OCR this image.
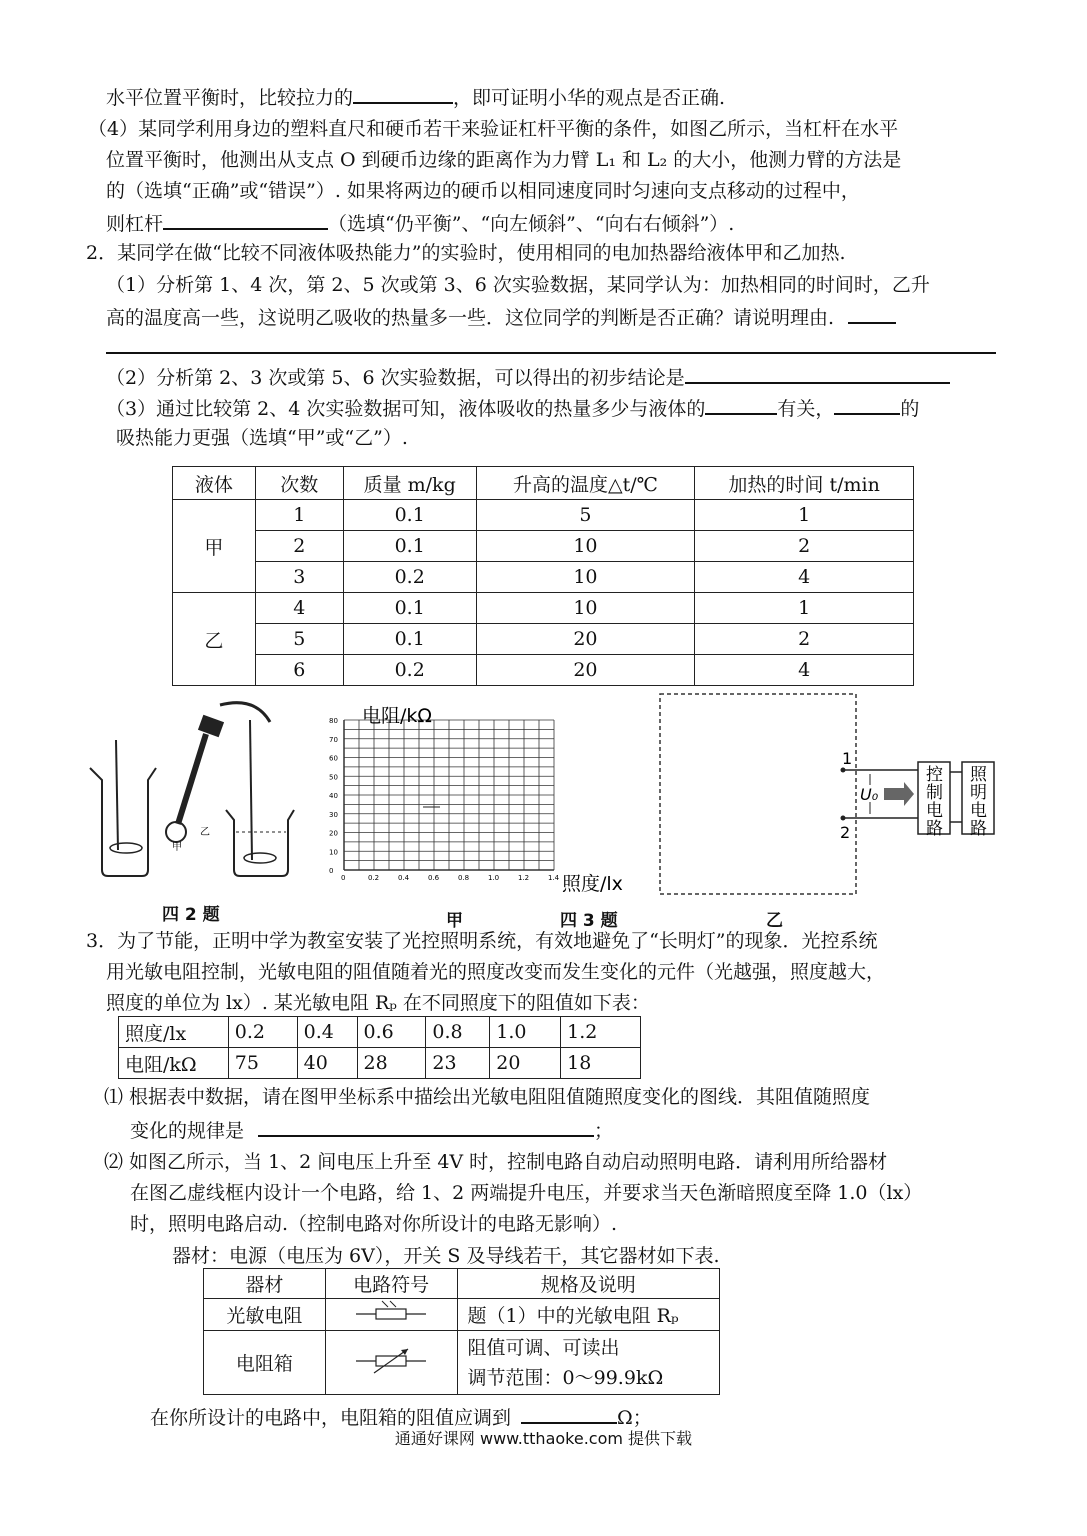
水平位置平衡时，比较拉力的	，即可证明小华的观点是否正确.
（4）某同学利用身边的塑料直尺和硬币若干来验证杠杆平衡的条件，如图乙所示，当杠杆在水平
位置平衡时，他测出从支点 O 到硬币边缘的距离作为力臂 L₁ 和 L₂ 的大小，他测力臂的方法是
的（选填“正确”或“错误”）. 如果将两边的硬币以相同速度同时匀速向支点移动的过程中，
则杠杆	（选填“仍平衡”、“向左倾斜”、“向右右倾斜”）.
2．某同学在做“比较不同液体吸热能力”的实验时，使用相同的电加热器给液体甲和乙加热.
（1）分析第 1、4 次，第 2、5 次或第 3、6 次实验数据，某同学认为：加热相同的时间时，乙升
高的温度高一些，这说明乙吸收的热量多一些．这位同学的判断是否正确？请说明理由.
（2）分析第 2、3 次或第 5、6 次实验数据，可以得出的初步结论是
（3）通过比较第 2、4 次实验数据可知，液体吸收的热量多少与液体的	有关，	的
吸热能力更强（选填“甲”或“乙”）.
液体	次数	质量 m/kg	升高的温度△t/℃	加热的时间 t/min
甲	1	0.1	5	1
	2	0.1	10	2
	3	0.2	10	4
乙	4	0.1	10	1
	5	0.1	20	2
	6	0.2	20	4
甲
乙
四 2 题
80
70
60
50
40
30
20
10
0
0.2	0.4	0.6	0.8	1.0	1.2	1.4
0
电阻/kΩ
照度/lx
甲	四 3 题
1
2
U₀
控制电路
照明电路
乙
3．为了节能，正明中学为教室安装了光控照明系统，有效地避免了“长明灯”的现象．光控系统
用光敏电阻控制，光敏电阻的阻值随着光的照度改变而发生变化的元件（光越强，照度越大，
照度的单位为 lx）. 某光敏电阻 Rₚ 在不同照度下的阻值如下表：
照度/lx	0.2	0.4	0.6	0.8	1.0	1.2
电阻/kΩ	75	40	28	23	20	18
⑴ 根据表中数据，请在图甲坐标系中描绘出光敏电阻阻值随照度变化的图线．其阻值随照度
变化的规律是	；
⑵ 如图乙所示，当 1、2 间电压上升至 4V 时，控制电路自动启动照明电路．请利用所给器材
在图乙虚线框内设计一个电路，给 1、2 两端提升电压，并要求当天色渐暗照度至降 1.0（lx）
时，照明电路启动.（控制电路对你所设计的电路无影响）.
器材：电源（电压为 6V），开关 S 及导线若干，其它器材如下表.
器材	电路符号	规格及说明
光敏电阻		题（1）中的光敏电阻 Rₚ
电阻箱		阻值可调、可读出
调节范围：0～99.9kΩ
在你所设计的电路中，电阻箱的阻值应调到	Ω；
通通好课网 www.tthaoke.com 提供下载
